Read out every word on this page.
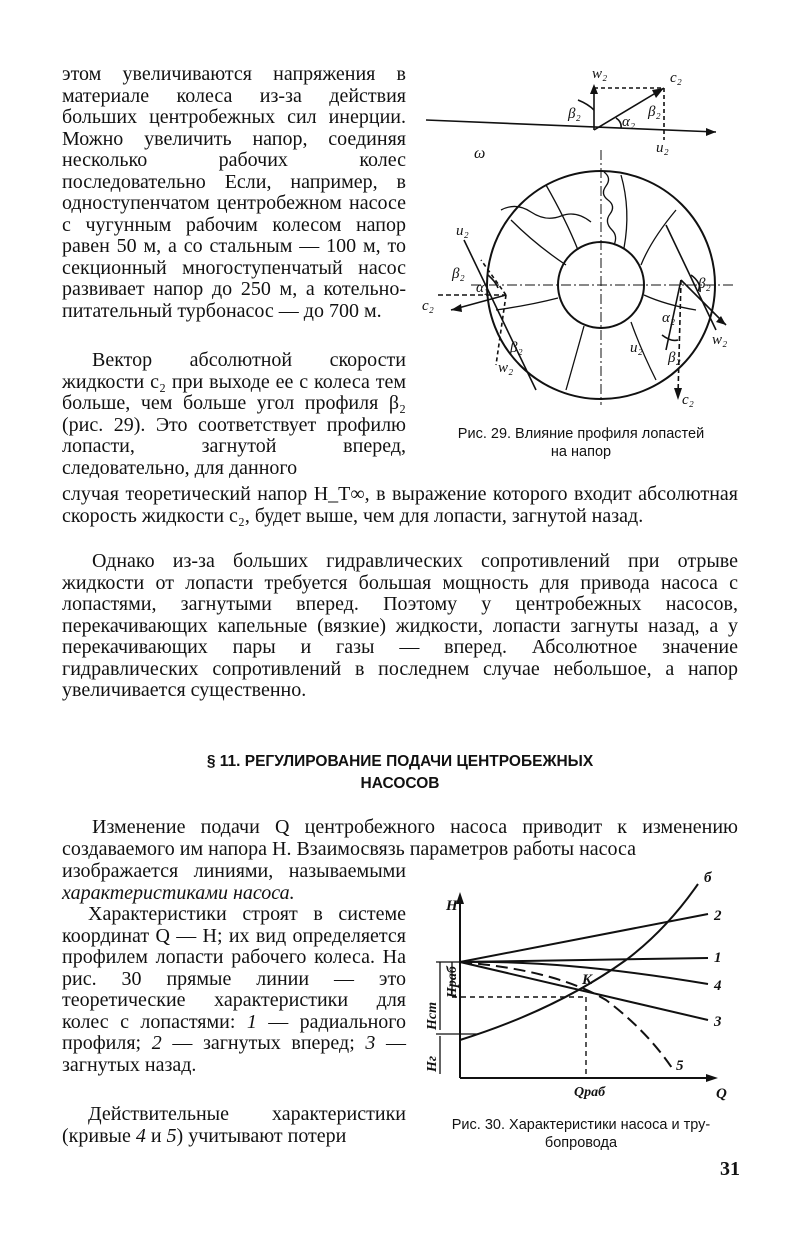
этом увеличиваются напряжения в материале колеса из-за действия больших центробежных сил инерции. Можно увеличить напор, соединяя несколько рабочих колес последовательно Если, например, в одноступенчатом центробежном насосе с чугунным рабочим колесом напор равен 50 м, а со стальным — 100 м, то секционный многоступенчатый насос развивает напор до 250 м, а котельно-питательный турбонасос — до 700 м.

w₂	c₂
β₂	β₂
α₂
u₂
ω
u₂
β₂
α₂
c₂
β₂
w₂
β₂
α₂
w₂
u₂
β₂
c₂

Вектор абсолютной скорости жидкости c₂ при выходе ее с колеса тем больше, чем больше угол профиля β₂ (рис. 29). Это соответствует профилю лопасти, загнутой вперед, следовательно, для данного

Рис. 29. Влияние профиля лопастей
на напор

случая теоретический напор H_T∞, в выражение которого входит абсолютная скорость жидкости c₂, будет выше, чем для лопасти, загнутой назад.

Однако из-за больших гидравлических сопротивлений при отрыве жидкости от лопасти требуется большая мощность для привода насоса с лопастями, загнутыми вперед. Поэтому у центробежных насосов, перекачивающих капельные (вязкие) жидкости, лопасти загнуты назад, а у перекачивающих пары и газы — вперед. Абсолютное значение гидравлических сопротивлений в последнем случае небольшое, а напор увеличивается существенно.

§ 11. РЕГУЛИРОВАНИЕ ПОДАЧИ ЦЕНТРОБЕЖНЫХ
НАСОСОВ

Изменение подачи Q центробежного насоса приводит к изменению создаваемого им напора H. Взаимосвязь параметров работы насоса

изображается линиями, называемыми характеристиками насоса.

Характеристики строят в системе координат Q — H; их вид определяется профилем лопасти рабочего колеса. На рис. 30 прямые линии — это теоретические характеристики для колес с лопастями: 1 — радиального профиля; 2 — загнутых вперед; 3 — загнутых назад.

Действительные характеристики (кривые 4 и 5) учитывают потери

H
Q
Hст
Hраб
Hг
Qраб
K
б
2
1
4
3
5
Рис. 30. Характеристики насоса и тру-
бопровода

31
